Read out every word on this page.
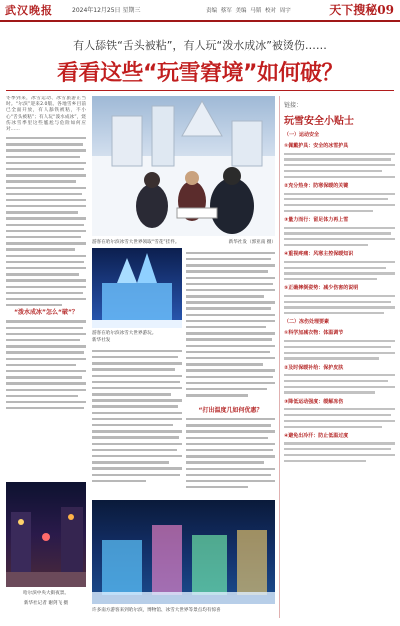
武汉晚报	2024年12月25日 星期三	责编 蔡军 美编 马韬 校对 周宇	天下搜秘09
有人舔铁“舌头被粘”，有人玩“泼水成冰”被烫伤……
看看这些“玩雪窘境”如何破？
冬季到来，冰雪运动、冰雪旅游正当时。“尔滨”迎来2.0版。各地雪乡目前已全面开放，有人舔铁被粘，不小心“舌头被粘”；有人玩“泼水成冰”，烧伤冰雪季里这些尴尬与危险如何应对……
“泼水成冰”怎么“破”？
游客在哈尔滨冰雪大世界领取“雪花”挂件。	新华社发（郭亚南 摄）
游客在哈尔滨冰雪大世界游玩。
新华社发
“打出温度几如何优惠？
哈尔滨中央大街夜景。
新华社记者 谢剑飞 摄
许多南方游客来到哈尔滨，博物馆、冰雪大世界等景点均有惊喜
链接：
玩雪安全小贴士
（一）运动安全
①佩戴护具：安全的冰雪护具
②充分热身：防寒保暖的关键
③量力而行：留足体力再上雪
④重视疼痛：风寒主控保暖知识
⑤正确摔倒姿势：减少伤害的说明
（二）冻伤处理要素
①科学加减衣物：体温调节
②及时保暖补给：保护皮肤
③降低运动强度：缓解冻伤
④避免出冷汗：防止低温过度
